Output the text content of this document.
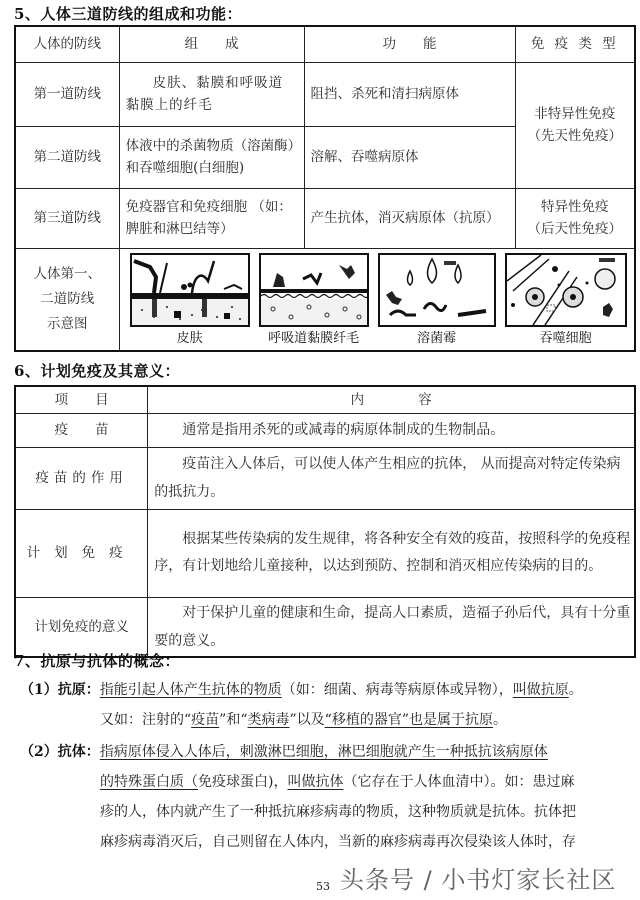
5、人体三道防线的组成和功能：
人体的防线	组　　成	功　　能	免 疫 类 型
第一道防线	皮肤、黏膜和呼吸道黏膜上的纤毛	阻挡、杀死和清扫病原体	非特异性免疫
（先天性免疫）

第二道防线	体液中的杀菌物质（溶菌酶）和吞噬细胞(白细胞)	溶解、吞噬病原体	
第三道防线	免疫器官和免疫细胞 （如：脾脏和淋巴结等）	产生抗体，消灭病原体（抗原）	特异性免疫
（后天性免疫）

人体第一、
二道防线
示意图

皮肤	呼吸道黏膜纤毛	溶菌霉	吞噬细胞
6、计划免疫及其意义：
项　　目	内　　　　容
疫　　苗	通常是指用杀死的或减毒的病原体制成的生物制品。
疫苗的作用	疫苗注入人体后，可以使人体产生相应的抗体， 从而提高对特定传染病的抵抗力。
计划免疫	根据某些传染病的发生规律，将各种安全有效的疫苗，按照科学的免疫程序，有计划地给儿童接种，以达到预防、控制和消灭相应传染病的目的。
计划免疫的意义	对于保护儿童的健康和生命，提高人口素质，造福子孙后代，具有十分重要的意义。
7、抗原与抗体的概念：
（1）抗原：指能引起人体产生抗体的物质（如：细菌、病毒等病原体或异物），叫做抗原。
又如：注射的“疫苗”和“类病毒”以及“移植的器官”也是属于抗原。
（2）抗体：指病原体侵入人体后，刺激淋巴细胞，淋巴细胞就产生一种抵抗该病原体
的特殊蛋白质（免疫球蛋白)，叫做抗体（它存在于人体血清中）。如：患过麻
疹的人，体内就产生了一种抵抗麻疹病毒的物质，这种物质就是抗体。抗体把
麻疹病毒消灭后，自己则留在人体内，当新的麻疹病毒再次侵染该人体时，存
53 头条号 / 小书灯家长社区
